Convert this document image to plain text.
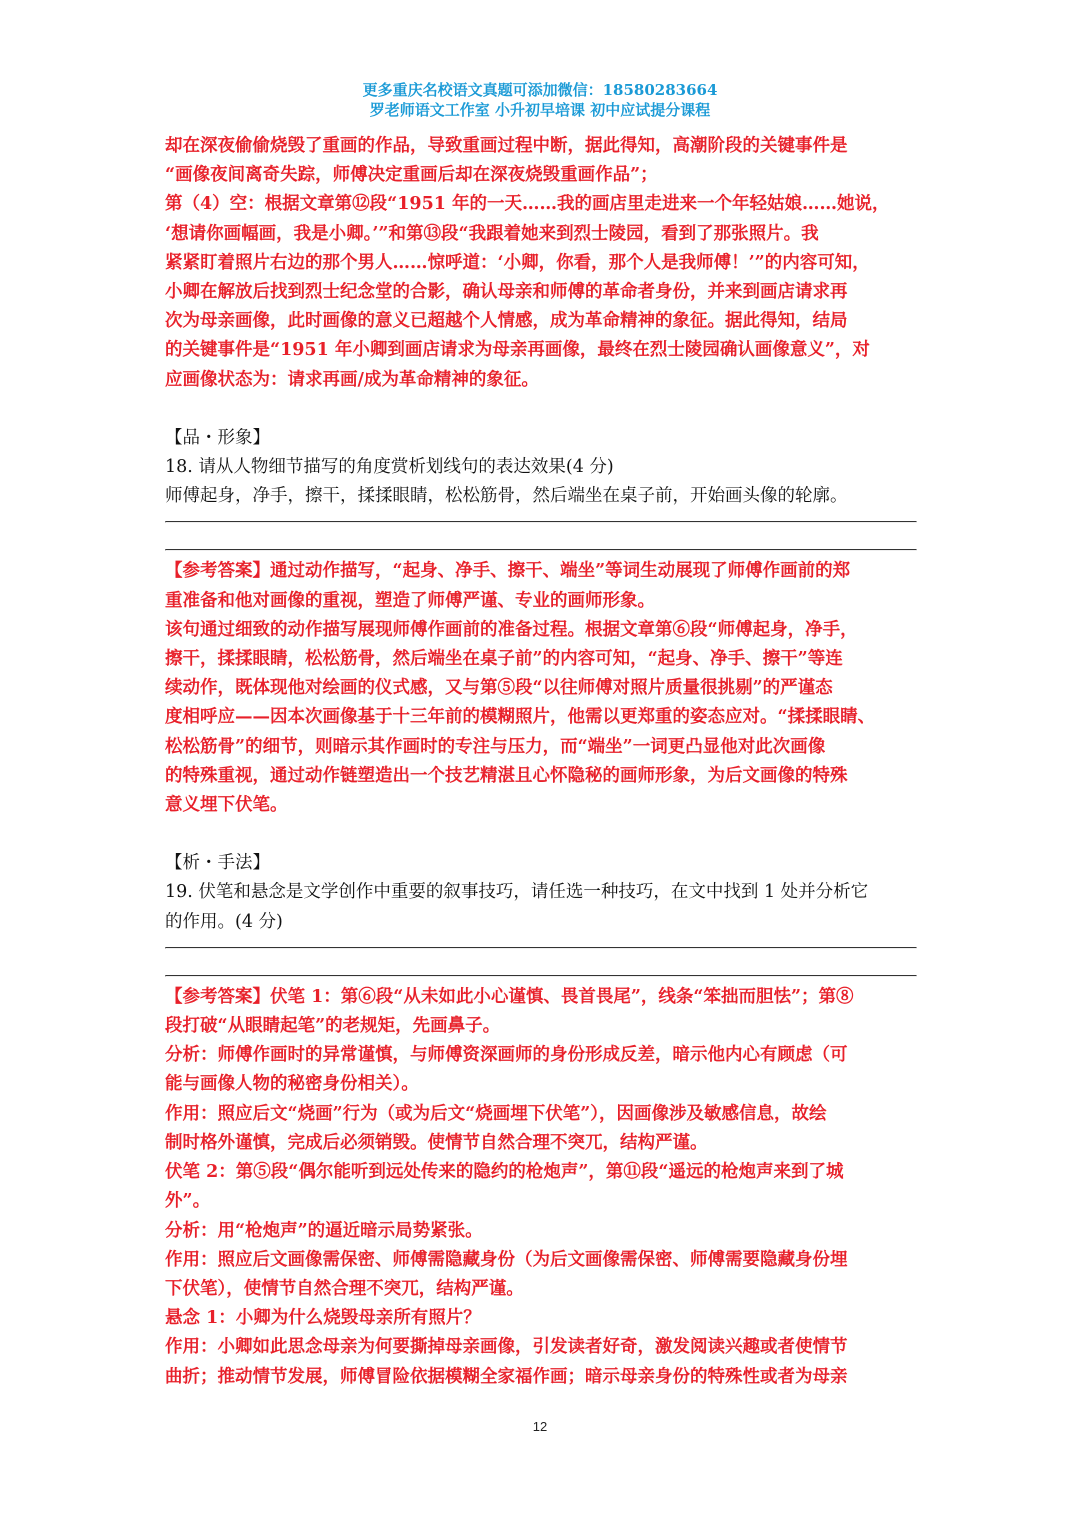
更多重庆名校语文真题可添加微信：18580283664
罗老师语文工作室 小升初早培课 初中应试提分课程

却在深夜偷偷烧毁了重画的作品，导致重画过程中断，据此得知，高潮阶段的关键事件是

“画像夜间离奇失踪，师傅决定重画后却在深夜烧毁重画作品”；

第（4）空：根据文章第⑫段“1951 年的一天……我的画店里走进来一个年轻姑娘……她说，

‘想请你画幅画，我是小卿。’”和第⑬段“我跟着她来到烈士陵园，看到了那张照片。我

紧紧盯着照片右边的那个男人……惊呼道：‘小卿，你看，那个人是我师傅！’”的内容可知，

小卿在解放后找到烈士纪念堂的合影，确认母亲和师傅的革命者身份，并来到画店请求再

次为母亲画像，此时画像的意义已超越个人情感，成为革命精神的象征。据此得知，结局

的关键事件是“1951 年小卿到画店请求为母亲再画像，最终在烈士陵园确认画像意义”，对

应画像状态为：请求再画/成为革命精神的象征。

【品・形象】

18. 请从人物细节描写的角度赏析划线句的表达效果(4 分)

师傅起身，净手，擦干，揉揉眼睛，松松筋骨，然后端坐在桌子前，开始画头像的轮廓。

【参考答案】通过动作描写，“起身、净手、擦干、端坐”等词生动展现了师傅作画前的郑

重准备和他对画像的重视，塑造了师傅严谨、专业的画师形象。

该句通过细致的动作描写展现师傅作画前的准备过程。根据文章第⑥段“师傅起身，净手，

擦干，揉揉眼睛，松松筋骨，然后端坐在桌子前”的内容可知，“起身、净手、擦干”等连

续动作，既体现他对绘画的仪式感，又与第⑤段“以往师傅对照片质量很挑剔”的严谨态

度相呼应——因本次画像基于十三年前的模糊照片，他需以更郑重的姿态应对。“揉揉眼睛、

松松筋骨”的细节，则暗示其作画时的专注与压力，而“端坐”一词更凸显他对此次画像

的特殊重视，通过动作链塑造出一个技艺精湛且心怀隐秘的画师形象，为后文画像的特殊

意义埋下伏笔。

【析・手法】

19. 伏笔和悬念是文学创作中重要的叙事技巧，请任选一种技巧，在文中找到 1 处并分析它

的作用。(4 分)

【参考答案】伏笔 1：第⑥段“从未如此小心谨慎、畏首畏尾”，线条“笨拙而胆怯”；第⑧

段打破“从眼睛起笔”的老规矩，先画鼻子。

分析：师傅作画时的异常谨慎，与师傅资深画师的身份形成反差，暗示他内心有顾虑（可

能与画像人物的秘密身份相关）。

作用：照应后文“烧画”行为（或为后文“烧画埋下伏笔”），因画像涉及敏感信息，故绘

制时格外谨慎，完成后必须销毁。使情节自然合理不突兀，结构严谨。

伏笔 2：第⑤段“偶尔能听到远处传来的隐约的枪炮声”，第⑪段“遥远的枪炮声来到了城

外”。

分析：用“枪炮声”的逼近暗示局势紧张。

作用：照应后文画像需保密、师傅需隐藏身份（为后文画像需保密、师傅需要隐藏身份埋

下伏笔），使情节自然合理不突兀，结构严谨。

悬念 1：小卿为什么烧毁母亲所有照片？

作用：小卿如此思念母亲为何要撕掉母亲画像，引发读者好奇，激发阅读兴趣或者使情节

曲折；推动情节发展，师傅冒险依据模糊全家福作画；暗示母亲身份的特殊性或者为母亲

12
